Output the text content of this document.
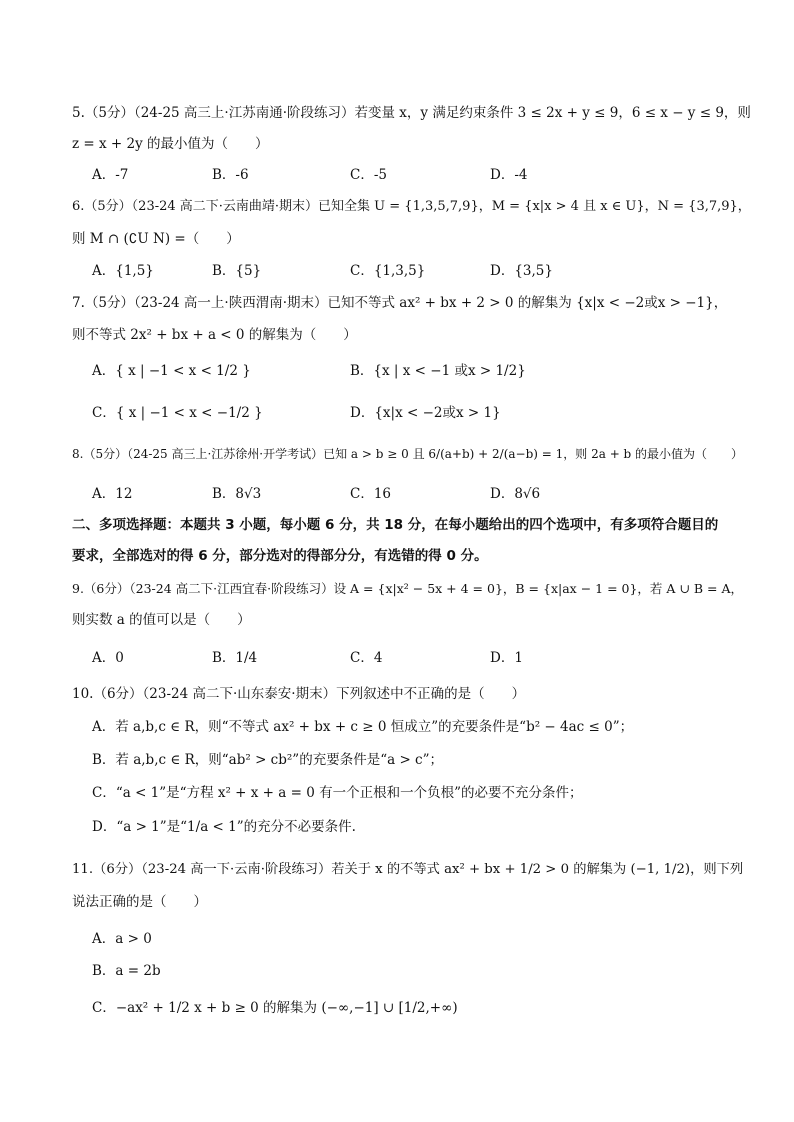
5.（5分）（24-25 高三上·江苏南通·阶段练习）若变量 x，y 满足约束条件 3 ≤ 2x + y ≤ 9，6 ≤ x − y ≤ 9，则
z = x + 2y 的最小值为（　　）
A．-7	B．-6	C．-5	D．-4
6.（5分）（23-24 高二下·云南曲靖·期末）已知全集 U = {1,3,5,7,9}，M = {x|x > 4 且 x ∈ U}，N = {3,7,9}，
则 M ∩ (∁U N) =（　　）
A．{1,5}	B．{5}	C．{1,3,5}	D．{3,5}
7.（5分）（23-24 高一上·陕西渭南·期末）已知不等式 ax² + bx + 2 > 0 的解集为 {x|x < −2或x > −1}，
则不等式 2x² + bx + a < 0 的解集为（　　）
A．{ x | −1 < x < 1/2 }	B．{x | x < −1 或x > 1/2}
C．{ x | −1 < x < −1/2 }	D．{x|x < −2或x > 1}
8.（5分）（24-25 高三上·江苏徐州·开学考试）已知 a > b ≥ 0 且 6/(a+b) + 2/(a−b) = 1，则 2a + b 的最小值为（　　）
A．12	B．8√3	C．16	D．8√6
二、多项选择题：本题共 3 小题，每小题 6 分，共 18 分，在每小题给出的四个选项中，有多项符合题目的
要求，全部选对的得 6 分，部分选对的得部分分，有选错的得 0 分。
9.（6分）（23-24 高二下·江西宜春·阶段练习）设 A = {x|x² − 5x + 4 = 0}，B = {x|ax − 1 = 0}，若 A ∪ B = A，
则实数 a 的值可以是（　　）
A．0	B．1/4	C．4	D．1
10.（6分）（23-24 高二下·山东泰安·期末）下列叙述中不正确的是（　　）
A．若 a,b,c ∈ R，则“不等式 ax² + bx + c ≥ 0 恒成立”的充要条件是“b² − 4ac ≤ 0”；
B．若 a,b,c ∈ R，则“ab² > cb²”的充要条件是“a > c”；
C．“a < 1”是“方程 x² + x + a = 0 有一个正根和一个负根”的必要不充分条件；
D．“a > 1”是“1/a < 1”的充分不必要条件.
11.（6分）（23-24 高一下·云南·阶段练习）若关于 x 的不等式 ax² + bx + 1/2 > 0 的解集为 (−1, 1/2)，则下列
说法正确的是（　　）
A．a > 0
B．a = 2b
C．−ax² + 1/2 x + b ≥ 0 的解集为 (−∞,−1] ∪ [1/2,+∞)
